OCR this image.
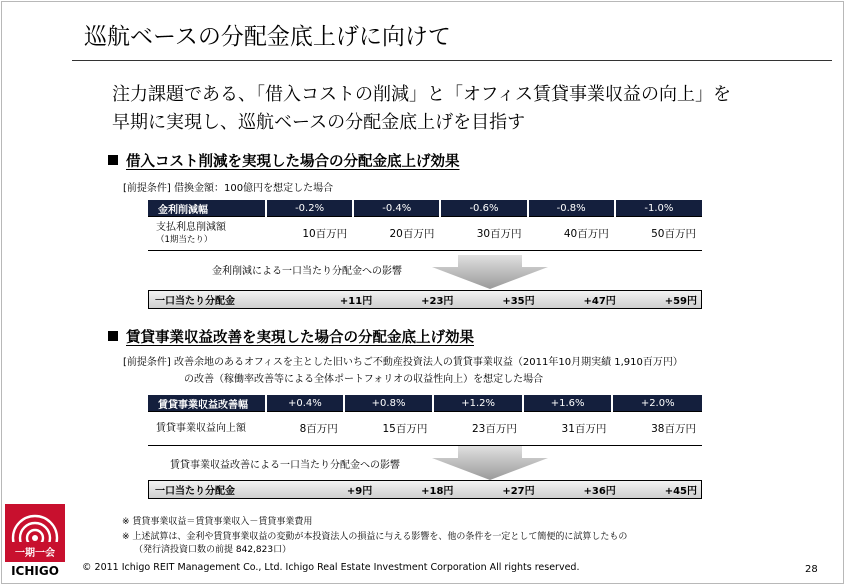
巡航ベースの分配金底上げに向けて
注力課題である、「借入コストの削減」と「オフィス賃貸事業収益の向上」を
早期に実現し、巡航ベースの分配金底上げを目指す
借入コスト削減を実現した場合の分配金底上げ効果
[前提条件] 借換金額：100億円を想定した場合
金利削減幅	-0.2%	-0.4%	-0.6%	-0.8%	-1.0%
支払利息削減額
（1期当たり）	10百万円	20百万円	30百万円	40百万円	50百万円
金利削減による一口当たり分配金への影響
一口当たり分配金	+11円	+23円	+35円	+47円	+59円
賃貸事業収益改善を実現した場合の分配金底上げ効果
[前提条件] 改善余地のあるオフィスを主とした旧いちご不動産投資法人の賃貸事業収益（2011年10月期実績 1,910百万円）
の改善（稼働率改善等による全体ポートフォリオの収益性向上）を想定した場合
賃貸事業収益改善幅	+0.4%	+0.8%	+1.2%	+1.6%	+2.0%
賃貸事業収益向上額	8百万円	15百万円	23百万円	31百万円	38百万円
賃貸事業収益改善による一口当たり分配金への影響
一口当たり分配金	+9円	+18円	+27円	+36円	+45円
※ 賃貸事業収益＝賃貸事業収入－賃貸事業費用
※ 上述試算は、金利や賃貸事業収益の変動が本投資法人の損益に与える影響を、他の条件を一定として簡便的に試算したもの
（発行済投資口数の前提 842,823口）
一期一会
ICHIGO © 2011 Ichigo REIT Management Co., Ltd. Ichigo Real Estate Investment Corporation All rights reserved.	28
